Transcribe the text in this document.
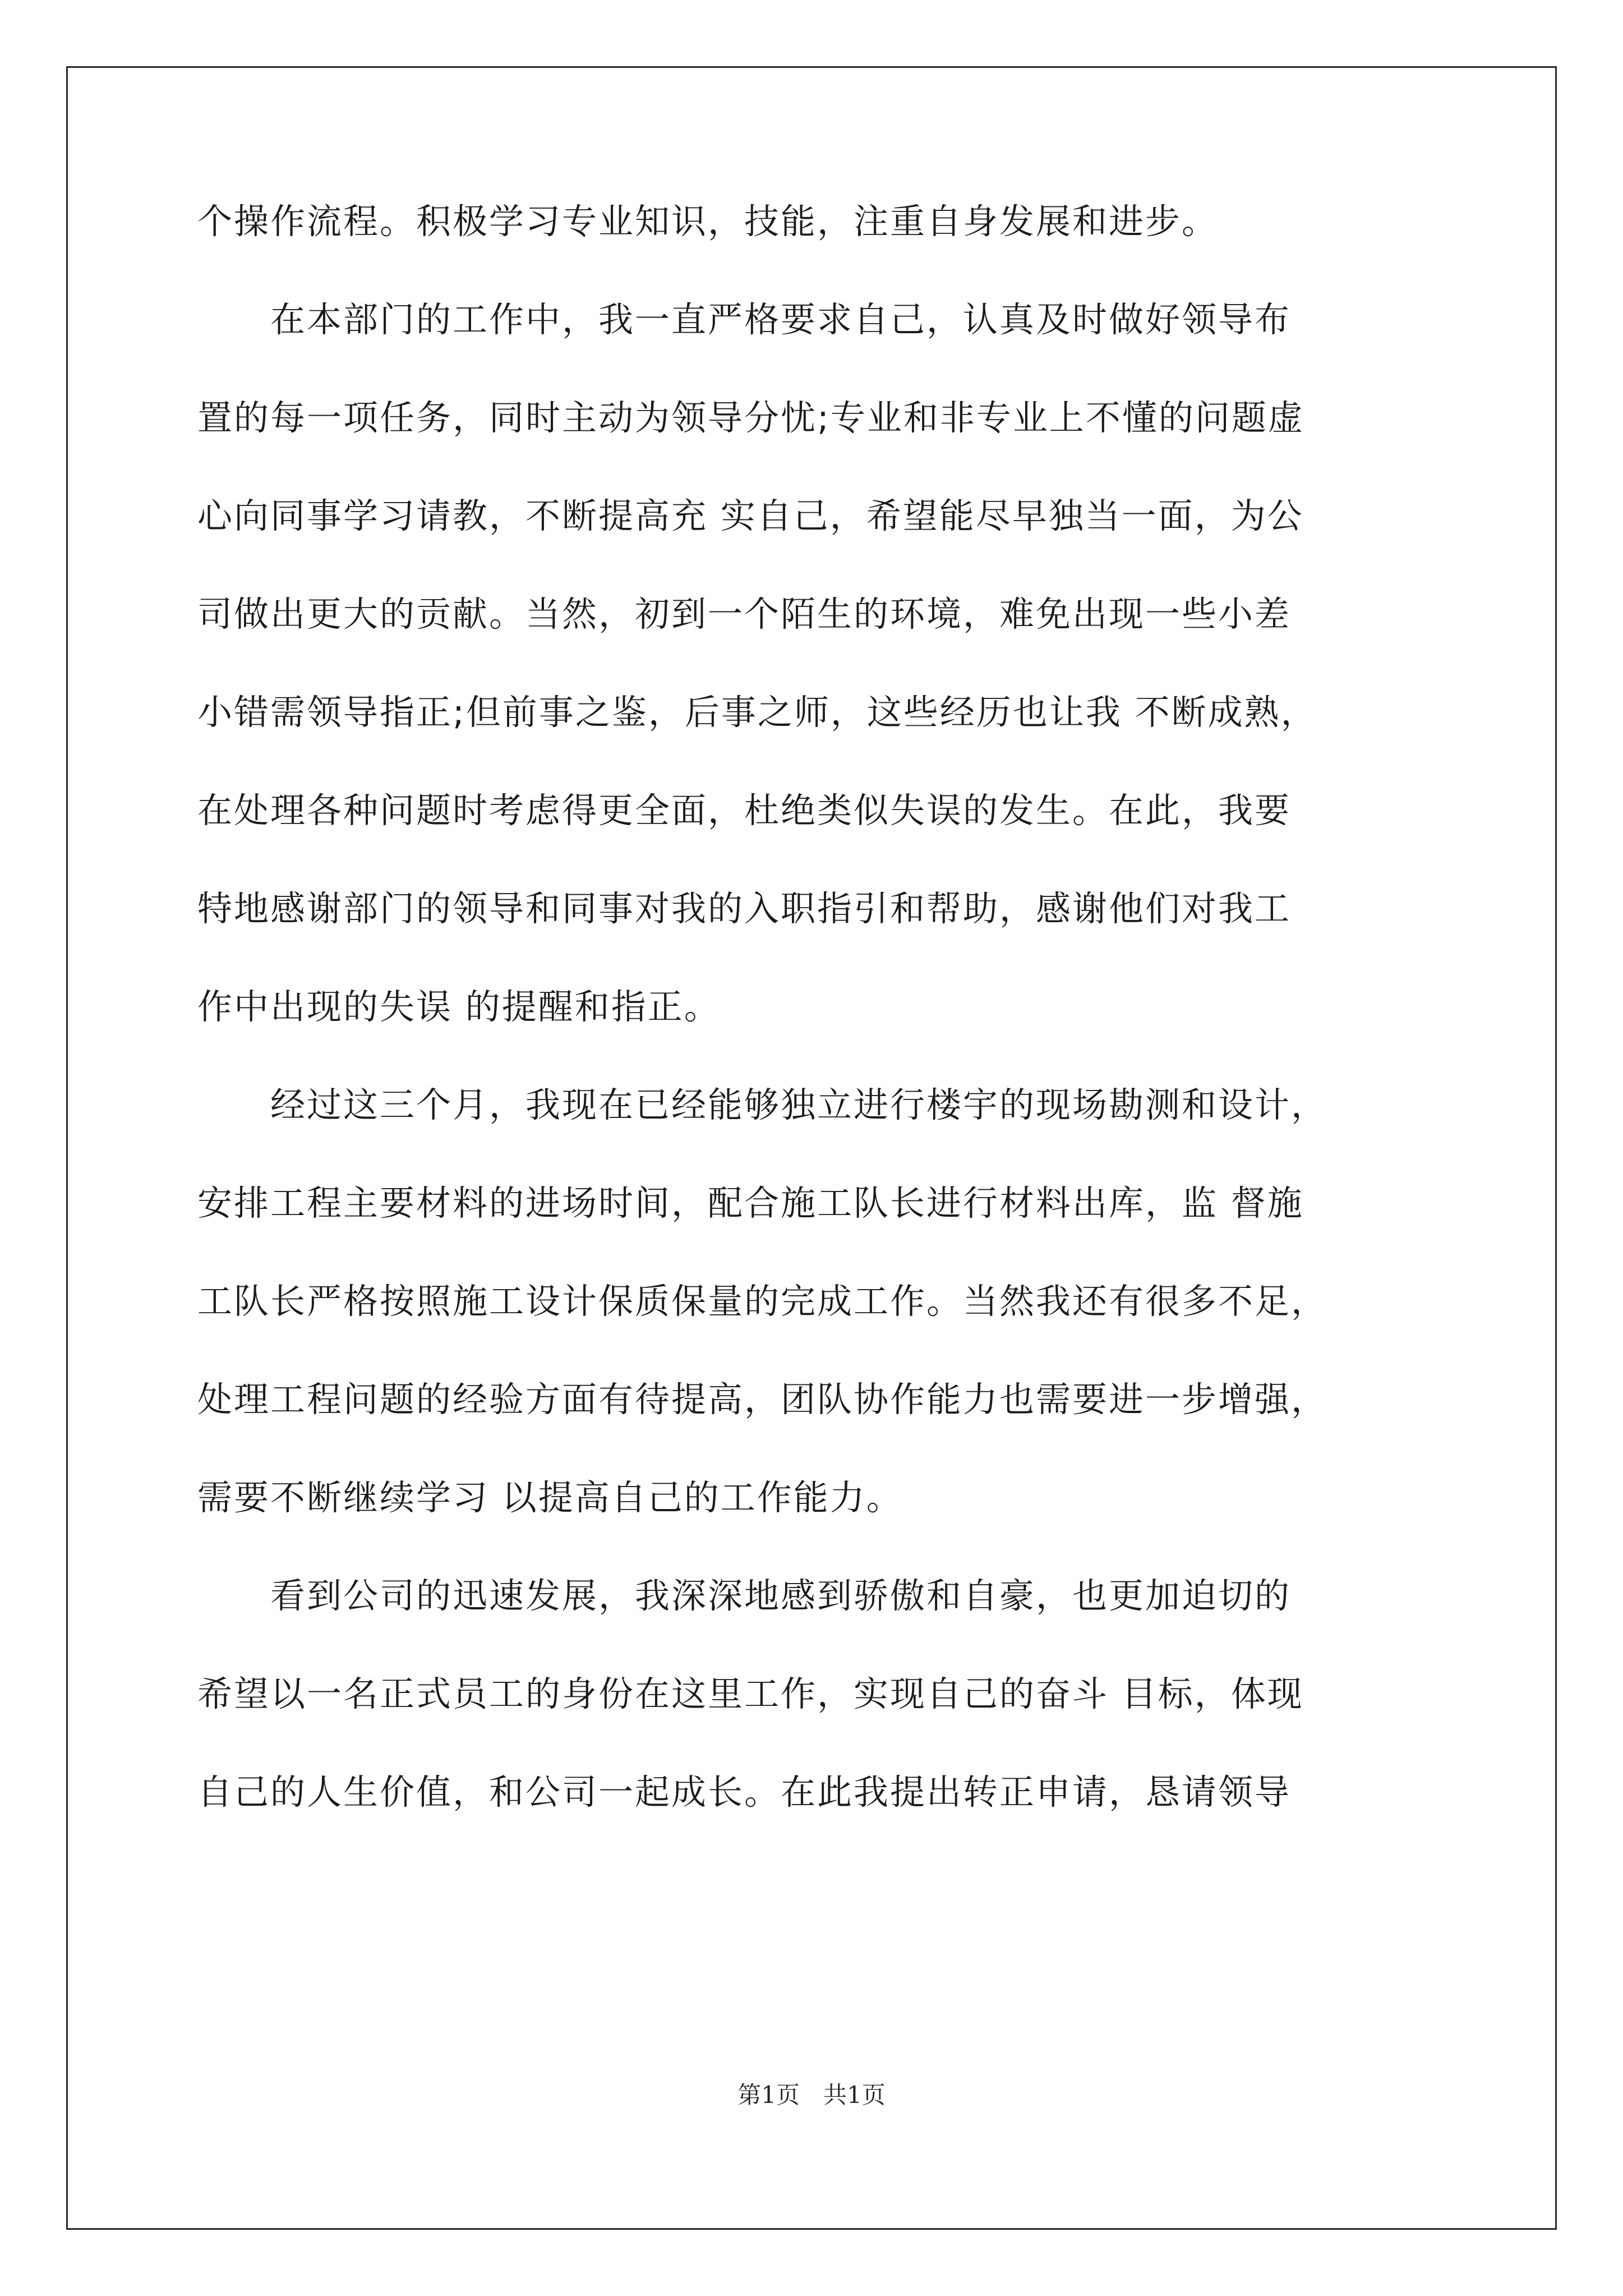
个操作流程。积极学习专业知识，技能，注重自身发展和进步。
　　在本部门的工作中，我一直严格要求自己，认真及时做好领导布
置的每一项任务，同时主动为领导分忧;专业和非专业上不懂的问题虚
心向同事学习请教，不断提高充 实自己，希望能尽早独当一面，为公
司做出更大的贡献。当然，初到一个陌生的环境，难免出现一些小差
小错需领导指正;但前事之鉴，后事之师，这些经历也让我 不断成熟，
在处理各种问题时考虑得更全面，杜绝类似失误的发生。在此，我要
特地感谢部门的领导和同事对我的入职指引和帮助，感谢他们对我工
作中出现的失误 的提醒和指正。
　　经过这三个月，我现在已经能够独立进行楼宇的现场勘测和设计，
安排工程主要材料的进场时间，配合施工队长进行材料出库，监 督施
工队长严格按照施工设计保质保量的完成工作。当然我还有很多不足，
处理工程问题的经验方面有待提高，团队协作能力也需要进一步增强，
需要不断继续学习 以提高自己的工作能力。
　　看到公司的迅速发展，我深深地感到骄傲和自豪，也更加迫切的
希望以一名正式员工的身份在这里工作，实现自己的奋斗 目标，体现
自己的人生价值，和公司一起成长。在此我提出转正申请，恳请领导
第1页　共1页
